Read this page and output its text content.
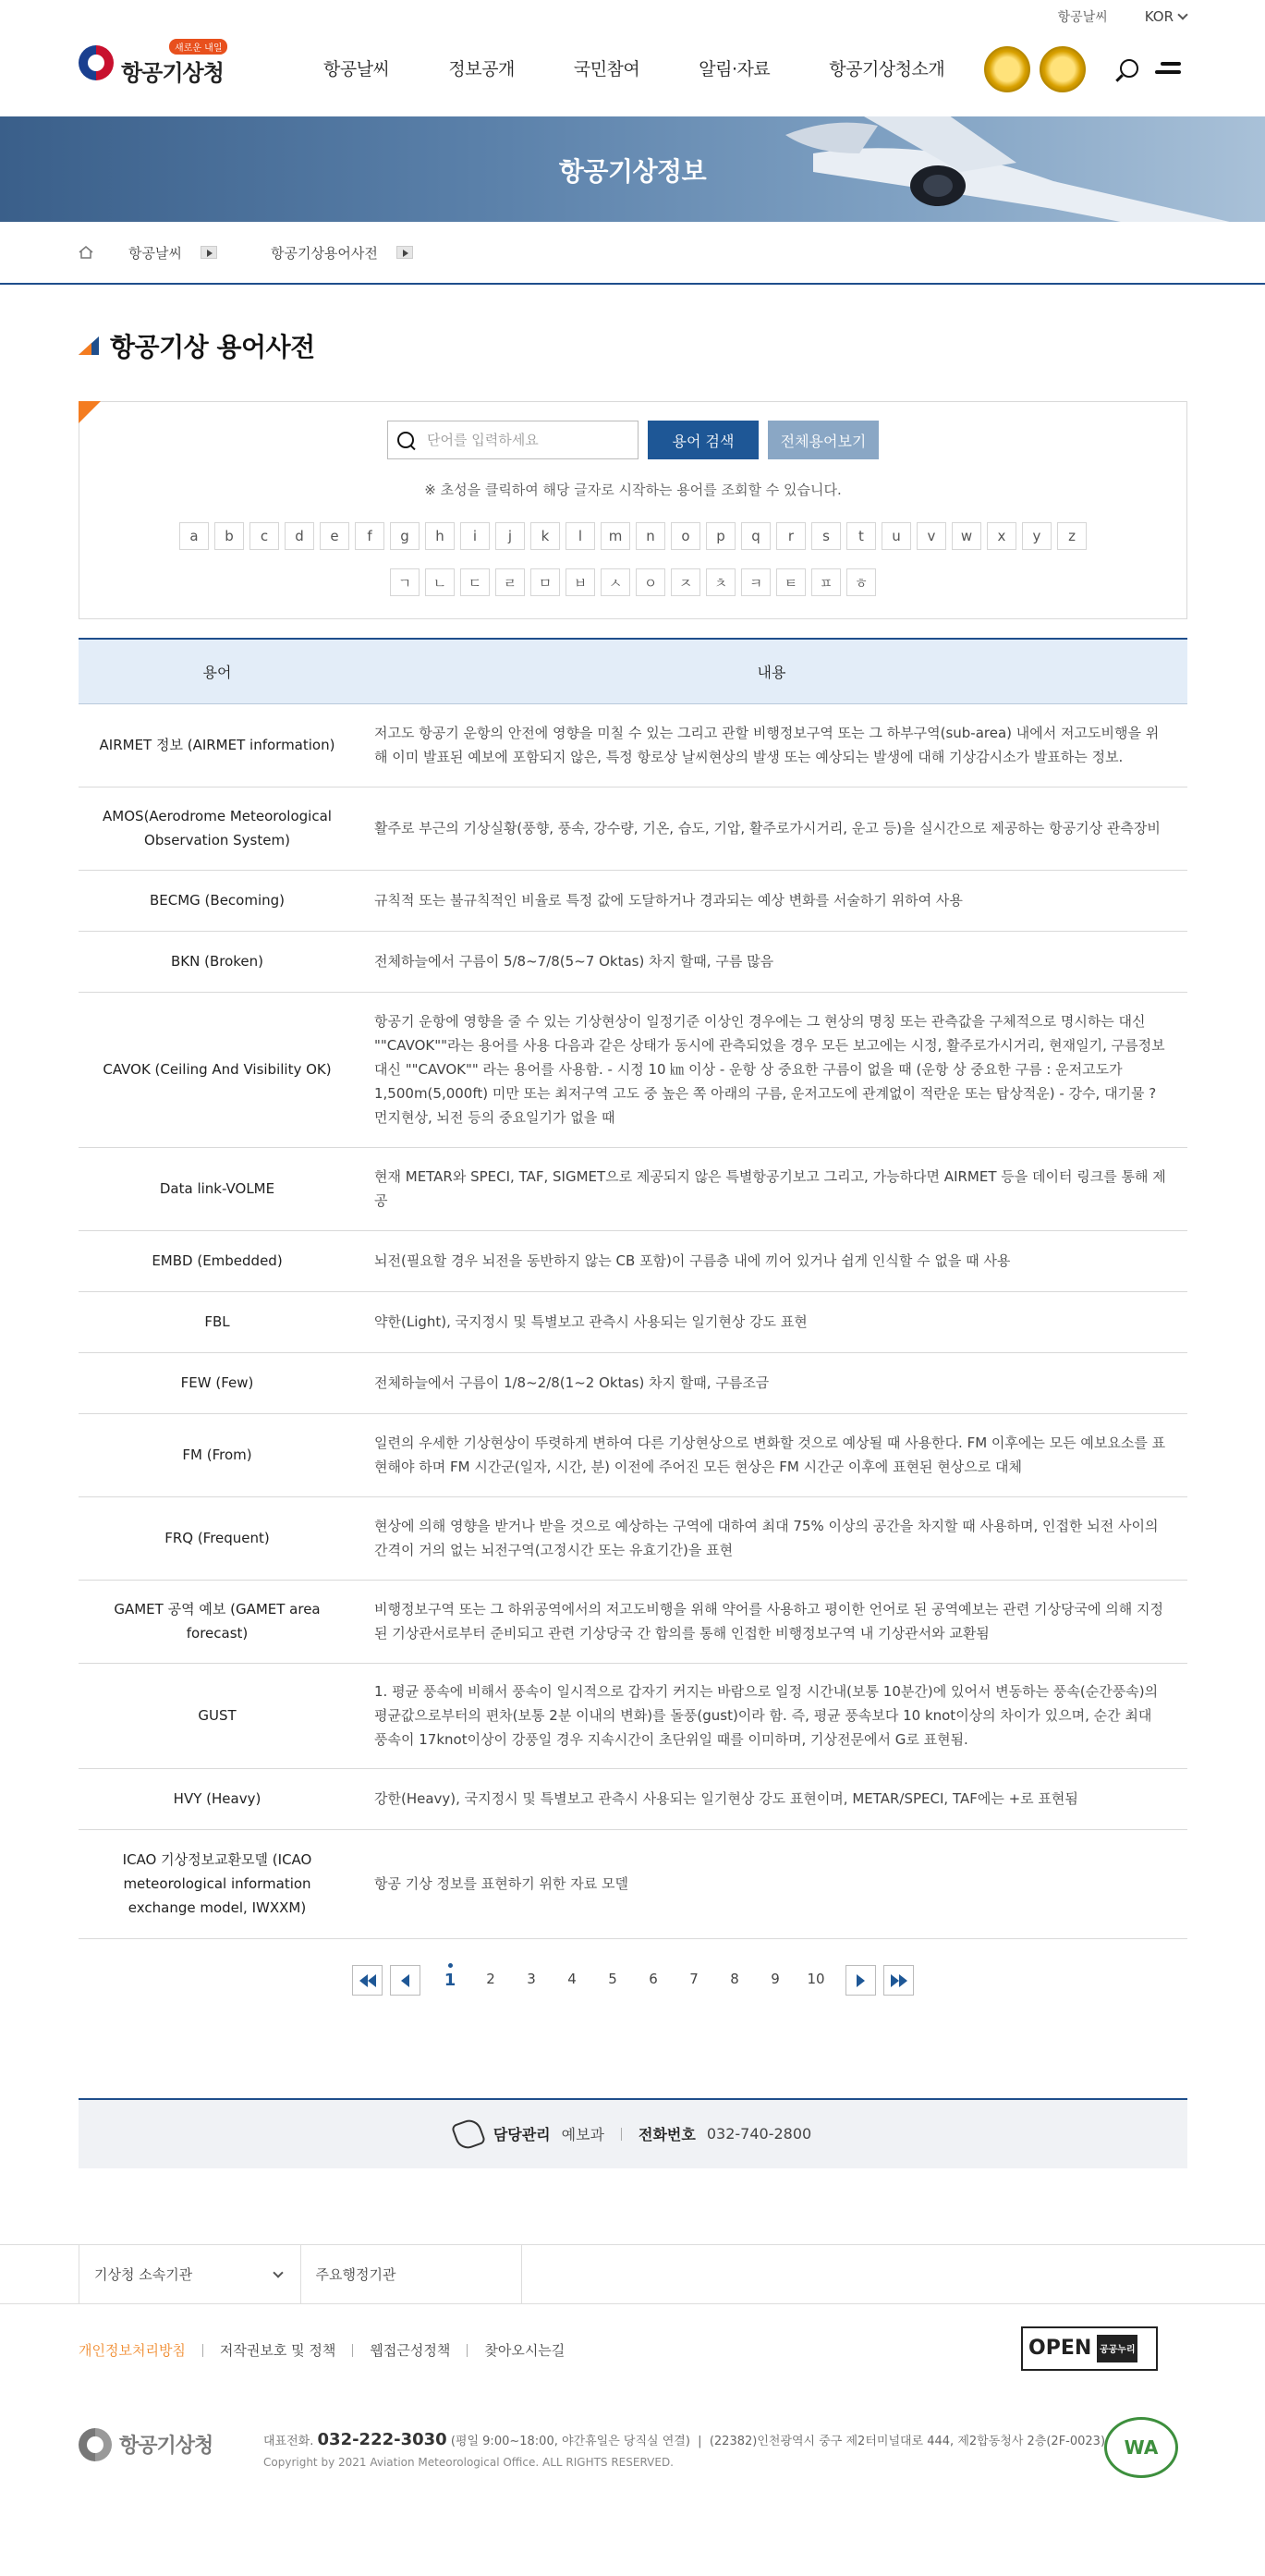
항공날씨	KOR
새로운 내일
항공기상청	항공날씨	정보공개	국민참여	알림·자료	항공기상청소개
항공기상정보
항공날씨	항공기상용어사전
항공기상 용어사전
단어를 입력하세요
용어 검색	전체용어보기

※ 초성을 클릭하여 해당 글자로 시작하는 용어를 조회할 수 있습니다.

a	b	c	d	e	f	g	h	i	j	k	l	m	n	o	p	q	r	s	t	u	v	w	x	y	z
ㄱ	ㄴ	ㄷ	ㄹ	ㅁ	ㅂ	ㅅ	ㅇ	ㅈ	ㅊ	ㅋ	ㅌ	ㅍ	ㅎ
용어	내용
AIRMET 정보 (AIRMET information)	저고도 항공기 운항의 안전에 영향을 미칠 수 있는 그리고 관할 비행정보구역 또는 그 하부구역(sub-area) 내에서 저고도비행을 위해 이미 발표된 예보에 포함되지 않은, 특정 항로상 날씨현상의 발생 또는 예상되는 발생에 대해 기상감시소가 발표하는 정보.
AMOS(Aerodrome Meteorological Observation System)	활주로 부근의 기상실황(풍향, 풍속, 강수량, 기온, 습도, 기압, 활주로가시거리, 운고 등)을 실시간으로 제공하는 항공기상 관측장비
BECMG (Becoming)	규칙적 또는 불규칙적인 비율로 특정 값에 도달하거나 경과되는 예상 변화를 서술하기 위하여 사용
BKN (Broken)	전체하늘에서 구름이 5/8~7/8(5~7 Oktas) 차지 할때, 구름 많음
CAVOK (Ceiling And Visibility OK)	항공기 운항에 영향을 줄 수 있는 기상현상이 일정기준 이상인 경우에는 그 현상의 명칭 또는 관측값을 구체적으로 명시하는 대신 ""CAVOK""라는 용어를 사용 다음과 같은 상태가 동시에 관측되었을 경우 모든 보고에는 시정, 활주로가시거리, 현재일기, 구름정보 대신 ""CAVOK"" 라는 용어를 사용함. - 시정 10 ㎞ 이상 - 운항 상 중요한 구름이 없을 때 (운항 상 중요한 구름 : 운저고도가 1,500m(5,000ft) 미만 또는 최저구역 고도 중 높은 쪽 아래의 구름, 운저고도에 관계없이 적란운 또는 탑상적운) - 강수, 대기물 ? 먼지현상, 뇌전 등의 중요일기가 없을 때
Data link-VOLME	현재 METAR와 SPECI, TAF, SIGMET으로 제공되지 않은 특별항공기보고 그리고, 가능하다면 AIRMET 등을 데이터 링크를 통해 제공
EMBD (Embedded)	뇌전(필요할 경우 뇌전을 동반하지 않는 CB 포함)이 구름층 내에 끼어 있거나 쉽게 인식할 수 없을 때 사용
FBL	약한(Light), 국지정시 및 특별보고 관측시 사용되는 일기현상 강도 표현
FEW (Few)	전체하늘에서 구름이 1/8~2/8(1~2 Oktas) 차지 할때, 구름조금
FM (From)	일련의 우세한 기상현상이 뚜렷하게 변하여 다른 기상현상으로 변화할 것으로 예상될 때 사용한다. FM 이후에는 모든 예보요소를 표현해야 하며 FM 시간군(일자, 시간, 분) 이전에 주어진 모든 현상은 FM 시간군 이후에 표현된 현상으로 대체
FRQ (Frequent)	현상에 의해 영향을 받거나 받을 것으로 예상하는 구역에 대하여 최대 75% 이상의 공간을 차지할 때 사용하며, 인접한 뇌전 사이의 간격이 거의 없는 뇌전구역(고정시간 또는 유효기간)을 표현
GAMET 공역 예보 (GAMET area forecast)	비행정보구역 또는 그 하위공역에서의 저고도비행을 위해 약어를 사용하고 평이한 언어로 된 공역예보는 관련 기상당국에 의해 지정된 기상관서로부터 준비되고 관련 기상당국 간 합의를 통해 인접한 비행정보구역 내 기상관서와 교환됨
GUST	1. 평균 풍속에 비해서 풍속이 일시적으로 갑자기 커지는 바람으로 일정 시간내(보통 10분간)에 있어서 변동하는 풍속(순간풍속)의 평균값으로부터의 편차(보통 2분 이내의 변화)를 돌풍(gust)이라 함. 즉, 평균 풍속보다 10 knot이상의 차이가 있으며, 순간 최대 풍속이 17knot이상이 강풍일 경우 지속시간이 초단위일 때를 이미하며, 기상전문에서 G로 표현됨.
HVY (Heavy)	강한(Heavy), 국지정시 및 특별보고 관측시 사용되는 일기현상 강도 표현이며, METAR/SPECI, TAF에는 +로 표현됨
ICAO 기상정보교환모델 (ICAO meteorological information exchange model, IWXXM)	항공 기상 정보를 표현하기 위한 자료 모델
1	2	3	4	5	6	7	8	9	10
담당관리 예보과 전화번호 032-740-2800
기상청 소속기관	주요행정기관
개인정보처리방침 저작권보호 및 정책 웹접근성정책 찾아오시는길	OPEN 공공누리
항공기상청	대표전화. 032-222-3030 (평일 9:00~18:00, 야간휴일은 당직실 연결)  |  (22382)인천광역시 중구 제2터미널대로 444, 제2합동청사 2층(2F-0023)
Copyright by 2021 Aviation Meteorological Office. ALL RIGHTS RESERVED.
WA
